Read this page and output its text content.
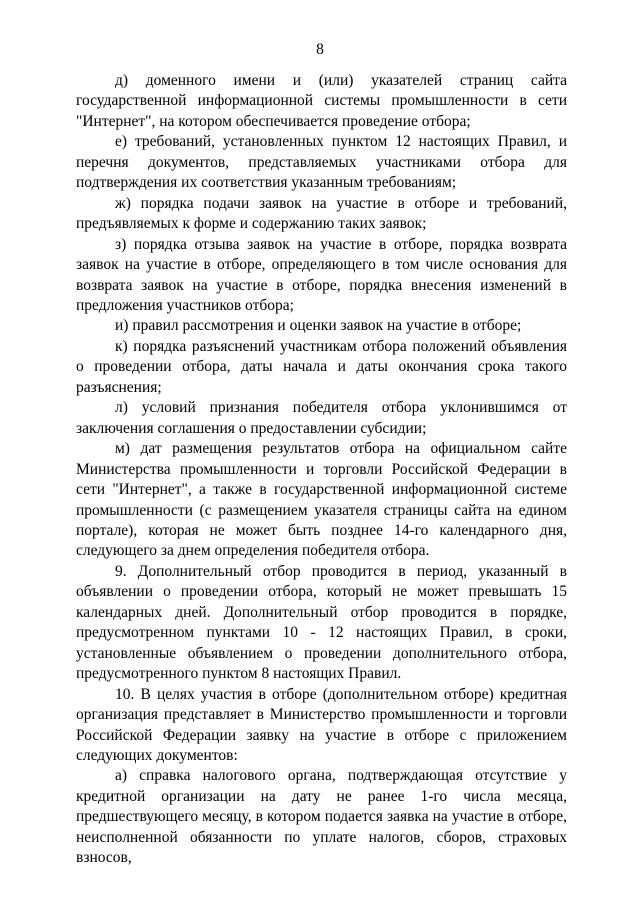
8

д) доменного имени и (или) указателей страниц сайта государственной информационной системы промышленности в сети "Интернет", на котором обеспечивается проведение отбора;

е) требований, установленных пунктом 12 настоящих Правил, и перечня документов, представляемых участниками отбора для подтверждения их соответствия указанным требованиям;

ж) порядка подачи заявок на участие в отборе и требований, предъявляемых к форме и содержанию таких заявок;

з) порядка отзыва заявок на участие в отборе, порядка возврата заявок на участие в отборе, определяющего в том числе основания для возврата заявок на участие в отборе, порядка внесения изменений в предложения участников отбора;

и) правил рассмотрения и оценки заявок на участие в отборе;

к) порядка разъяснений участникам отбора положений объявления о проведении отбора, даты начала и даты окончания срока такого разъяснения;

л) условий признания победителя отбора уклонившимся от заключения соглашения о предоставлении субсидии;

м) дат размещения результатов отбора на официальном сайте Министерства промышленности и торговли Российской Федерации в сети "Интернет", а также в государственной информационной системе промышленности (с размещением указателя страницы сайта на едином портале), которая не может быть позднее 14-го календарного дня, следующего за днем определения победителя отбора.

9. Дополнительный отбор проводится в период, указанный в объявлении о проведении отбора, который не может превышать 15 календарных дней. Дополнительный отбор проводится в порядке, предусмотренном пунктами 10 - 12 настоящих Правил, в сроки, установленные объявлением о проведении дополнительного отбора, предусмотренного пунктом 8 настоящих Правил.

10. В целях участия в отборе (дополнительном отборе) кредитная организация представляет в Министерство промышленности и торговли Российской Федерации заявку на участие в отборе с приложением следующих документов:

а) справка налогового органа, подтверждающая отсутствие у кредитной организации на дату не ранее 1-го числа месяца, предшествующего месяцу, в котором подается заявка на участие в отборе, неисполненной обязанности по уплате налогов, сборов, страховых взносов,
